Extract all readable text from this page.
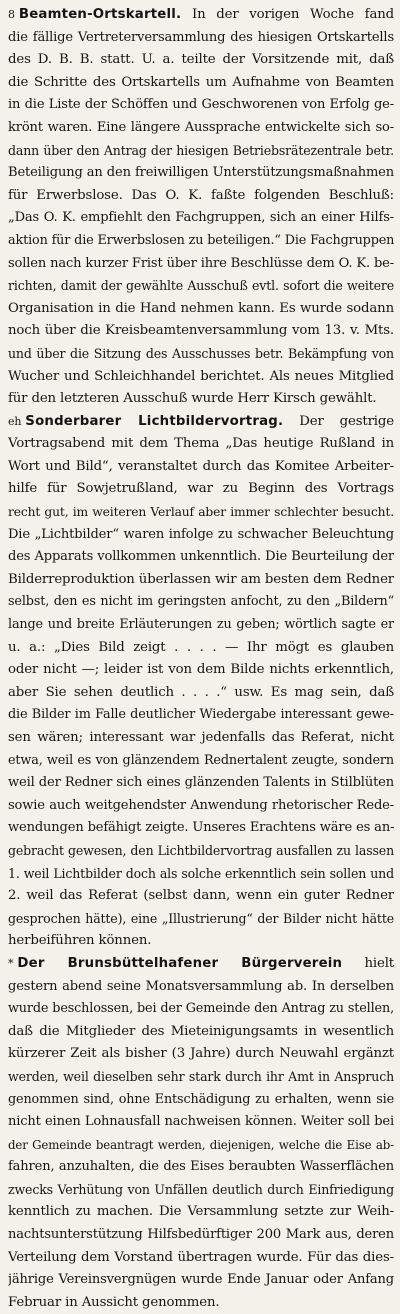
8 Beamten-Ortskartell. In der vorigen Woche fand
die fällige Vertreterversammlung des hiesigen Ortskartells
des D. B. B. statt. U. a. teilte der Vorsitzende mit, daß
die Schritte des Ortskartells um Aufnahme von Beamten
in die Liste der Schöffen und Geschworenen von Erfolg ge-
krönt waren. Eine längere Aussprache entwickelte sich so-
dann über den Antrag der hiesigen Betriebsrätezentrale betr.
Beteiligung an den freiwilligen Unterstützungsmaßnahmen
für Erwerbslose. Das O. K. faßte folgenden Beschluß:
„Das O. K. empfiehlt den Fachgruppen, sich an einer Hilfs-
aktion für die Erwerbslosen zu beteiligen.“ Die Fachgruppen
sollen nach kurzer Frist über ihre Beschlüsse dem O. K. be-
richten, damit der gewählte Ausschuß evtl. sofort die weitere
Organisation in die Hand nehmen kann. Es wurde sodann
noch über die Kreisbeamtenversammlung vom 13. v. Mts.
und über die Sitzung des Ausschusses betr. Bekämpfung von
Wucher und Schleichhandel berichtet. Als neues Mitglied
für den letzteren Ausschuß wurde Herr Kirsch gewählt.
eh Sonderbarer Lichtbildervortrag. Der gestrige
Vortragsabend mit dem Thema „Das heutige Rußland in
Wort und Bild“, veranstaltet durch das Komitee Arbeiter-
hilfe für Sowjetrußland, war zu Beginn des Vortrags
recht gut, im weiteren Verlauf aber immer schlechter besucht.
Die „Lichtbilder“ waren infolge zu schwacher Beleuchtung
des Apparats vollkommen unkenntlich. Die Beurteilung der
Bilderreproduktion überlassen wir am besten dem Redner
selbst, den es nicht im geringsten anfocht, zu den „Bildern“
lange und breite Erläuterungen zu geben; wörtlich sagte er
u. a.: „Dies Bild zeigt . . . . — Ihr mögt es glauben
oder nicht —; leider ist von dem Bilde nichts erkenntlich,
aber Sie sehen deutlich . . . .“ usw. Es mag sein, daß
die Bilder im Falle deutlicher Wiedergabe interessant gewe-
sen wären; interessant war jedenfalls das Referat, nicht
etwa, weil es von glänzendem Rednertalent zeugte, sondern
weil der Redner sich eines glänzenden Talents in Stilblüten
sowie auch weitgehendster Anwendung rhetorischer Rede-
wendungen befähigt zeigte. Unseres Erachtens wäre es an-
gebracht gewesen, den Lichtbildervortrag ausfallen zu lassen
1. weil Lichtbilder doch als solche erkenntlich sein sollen und
2. weil das Referat (selbst dann, wenn ein guter Redner
gesprochen hätte), eine „Illustrierung“ der Bilder nicht hätte
herbeiführen können.
* Der Brunsbüttelhafener Bürgerverein hielt
gestern abend seine Monatsversammlung ab. In derselben
wurde beschlossen, bei der Gemeinde den Antrag zu stellen,
daß die Mitglieder des Mieteinigungsamts in wesentlich
kürzerer Zeit als bisher (3 Jahre) durch Neuwahl ergänzt
werden, weil dieselben sehr stark durch ihr Amt in Anspruch
genommen sind, ohne Entschädigung zu erhalten, wenn sie
nicht einen Lohnausfall nachweisen können. Weiter soll bei
der Gemeinde beantragt werden, diejenigen, welche die Eise ab-
fahren, anzuhalten, die des Eises beraubten Wasserflächen
zwecks Verhütung von Unfällen deutlich durch Einfriedigung
kenntlich zu machen. Die Versammlung setzte zur Weih-
nachtsunterstützung Hilfsbedürftiger 200 Mark aus, deren
Verteilung dem Vorstand übertragen wurde. Für das dies-
jährige Vereinsvergnügen wurde Ende Januar oder Anfang
Februar in Aussicht genommen.
